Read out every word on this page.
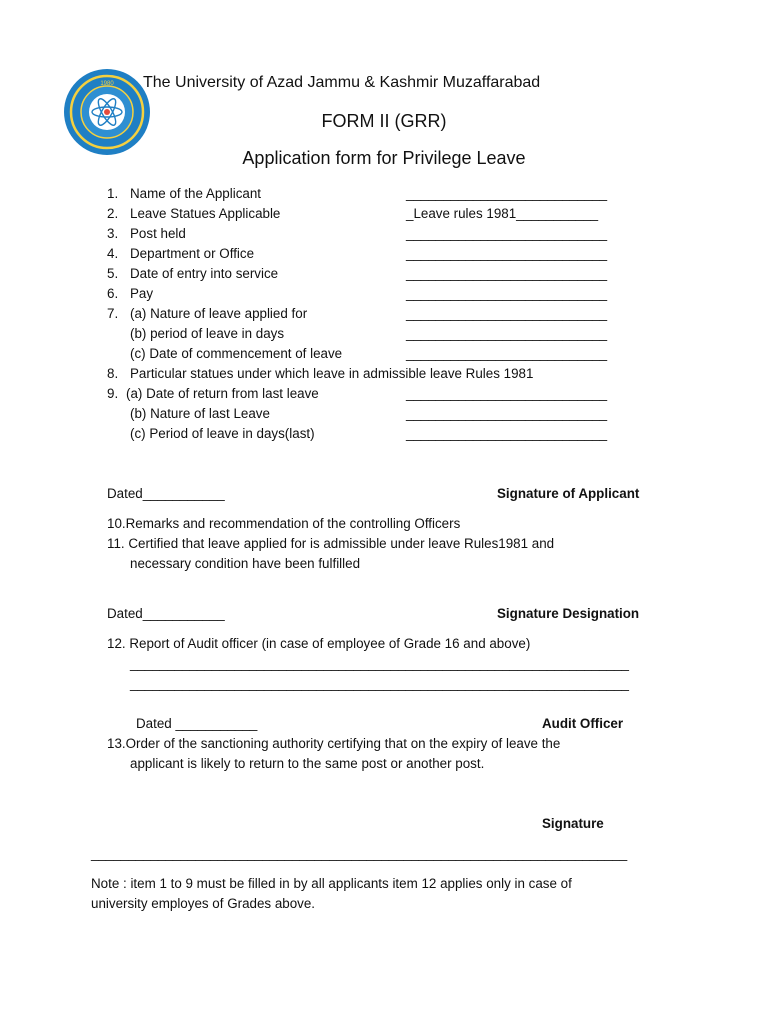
1980 The University of Azad Jammu & Kashmir Muzaffarabad
FORM II (GRR)
Application form for Privilege Leave
1. Name of the Applicant	___________________________
2. Leave Statues Applicable	_Leave rules 1981___________
3. Post held	___________________________
4. Department or Office	___________________________
5. Date of entry into service	___________________________
6. Pay	___________________________
7. (a) Nature of leave applied for	___________________________
(b) period of leave in days	___________________________
(c) Date of commencement of leave	___________________________
8. Particular statues under which leave in admissible leave Rules 1981
9. (a) Date of return from last leave	___________________________
(b) Nature of last Leave	___________________________
(c) Period of leave in days(last)	___________________________
Dated___________	Signature of Applicant
10.Remarks and recommendation of the controlling Officers
11. Certified that leave applied for is admissible under leave Rules1981 and
necessary condition have been fulfilled
Dated___________	Signature Designation
12. Report of Audit officer (in case of employee of Grade 16 and above)
___________________________________________________________________
___________________________________________________________________
Dated ___________	Audit Officer
13.Order of the sanctioning authority certifying that on the expiry of leave the
applicant is likely to return to the same post or another post.
Signature
________________________________________________________________________
Note : item 1 to 9 must be filled in by all applicants item 12 applies only in case of
university employes of Grades above.
